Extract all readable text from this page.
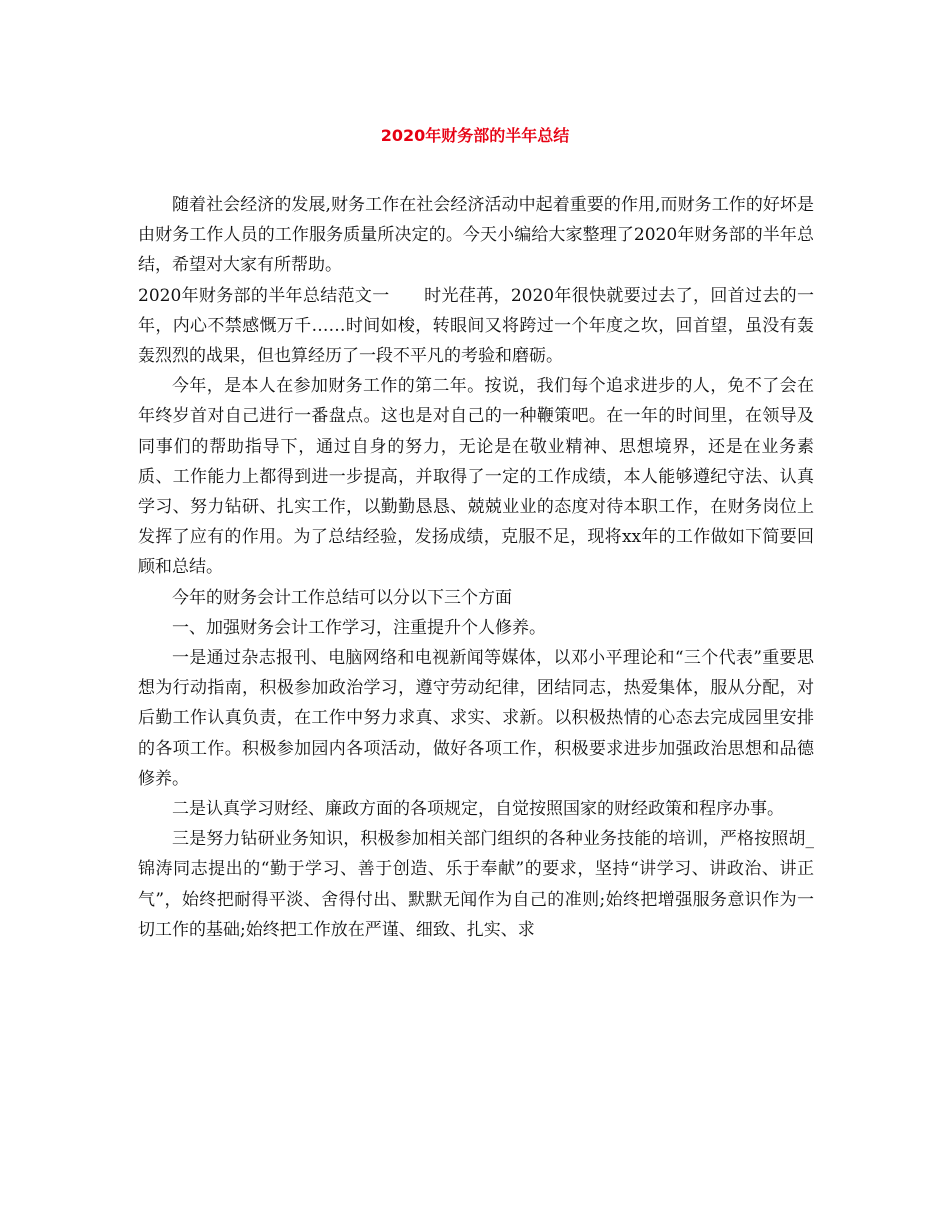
2020年财务部的半年总结

随着社会经济的发展,财务工作在社会经济活动中起着重要的作用,而财务工作的好坏是由财务工作人员的工作服务质量所决定的。今天小编给大家整理了2020年财务部的半年总结，希望对大家有所帮助。

2020年财务部的半年总结范文一　　时光荏苒，2020年很快就要过去了，回首过去的一年，内心不禁感慨万千……时间如梭，转眼间又将跨过一个年度之坎，回首望，虽没有轰轰烈烈的战果，但也算经历了一段不平凡的考验和磨砺。

今年，是本人在参加财务工作的第二年。按说，我们每个追求进步的人，免不了会在年终岁首对自己进行一番盘点。这也是对自己的一种鞭策吧。在一年的时间里，在领导及同事们的帮助指导下，通过自身的努力，无论是在敬业精神、思想境界，还是在业务素质、工作能力上都得到进一步提高，并取得了一定的工作成绩，本人能够遵纪守法、认真学习、努力钻研、扎实工作，以勤勤恳恳、兢兢业业的态度对待本职工作，在财务岗位上发挥了应有的作用。为了总结经验，发扬成绩，克服不足，现将xx年的工作做如下简要回顾和总结。

今年的财务会计工作总结可以分以下三个方面

一、加强财务会计工作学习，注重提升个人修养。

一是通过杂志报刊、电脑网络和电视新闻等媒体，以邓小平理论和“三个代表”重要思想为行动指南，积极参加政治学习，遵守劳动纪律，团结同志，热爱集体，服从分配，对后勤工作认真负责，在工作中努力求真、求实、求新。以积极热情的心态去完成园里安排的各项工作。积极参加园内各项活动，做好各项工作，积极要求进步加强政治思想和品德修养。

二是认真学习财经、廉政方面的各项规定，自觉按照国家的财经政策和程序办事。

三是努力钻研业务知识，积极参加相关部门组织的各种业务技能的培训，严格按照胡_锦涛同志提出的“勤于学习、善于创造、乐于奉献”的要求，坚持“讲学习、讲政治、讲正气”，始终把耐得平淡、舍得付出、默默无闻作为自己的准则;始终把增强服务意识作为一切工作的基础;始终把工作放在严谨、细致、扎实、求
